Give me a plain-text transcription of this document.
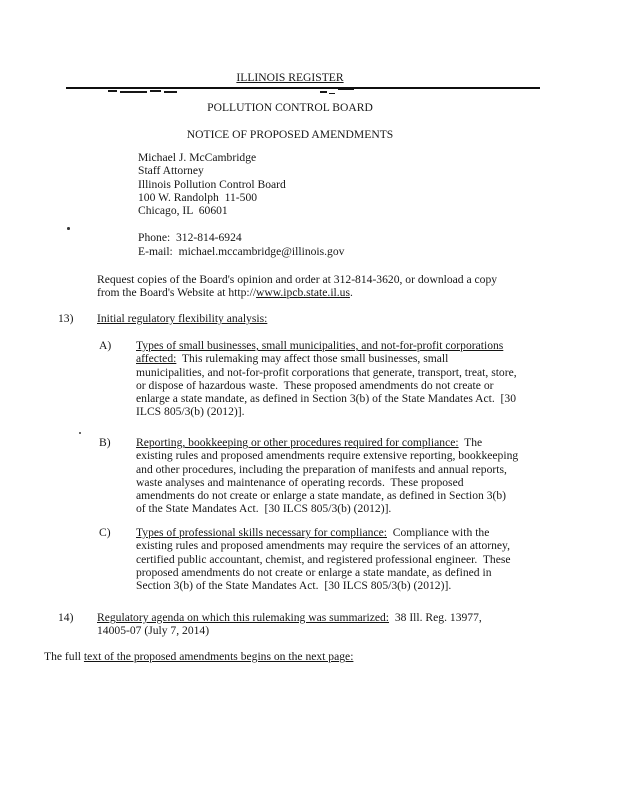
ILLINOIS REGISTER
POLLUTION CONTROL BOARD
NOTICE OF PROPOSED AMENDMENTS
Michael J. McCambridge
Staff Attorney
Illinois Pollution Control Board
100 W. Randolph  11-500
Chicago, IL  60601
Phone:  312-814-6924
E-mail:  michael.mccambridge@illinois.gov
Request copies of the Board's opinion and order at 312-814-3620, or download a copy
from the Board's Website at http://www.ipcb.state.il.us.
13) Initial regulatory flexibility analysis:
A) Types of small businesses, small municipalities, and not-for-profit corporations
affected:  This rulemaking may affect those small businesses, small
municipalities, and not-for-profit corporations that generate, transport, treat, store,
or dispose of hazardous waste.  These proposed amendments do not create or
enlarge a state mandate, as defined in Section 3(b) of the State Mandates Act.  [30
ILCS 805/3(b) (2012)].
B) Reporting, bookkeeping or other procedures required for compliance:  The
existing rules and proposed amendments require extensive reporting, bookkeeping
and other procedures, including the preparation of manifests and annual reports,
waste analyses and maintenance of operating records.  These proposed
amendments do not create or enlarge a state mandate, as defined in Section 3(b)
of the State Mandates Act.  [30 ILCS 805/3(b) (2012)].
C) Types of professional skills necessary for compliance:  Compliance with the
existing rules and proposed amendments may require the services of an attorney,
certified public accountant, chemist, and registered professional engineer.  These
proposed amendments do not create or enlarge a state mandate, as defined in
Section 3(b) of the State Mandates Act.  [30 ILCS 805/3(b) (2012)].
14) Regulatory agenda on which this rulemaking was summarized:  38 Ill. Reg. 13977,
14005-07 (July 7, 2014)
The full text of the proposed amendments begins on the next page:
